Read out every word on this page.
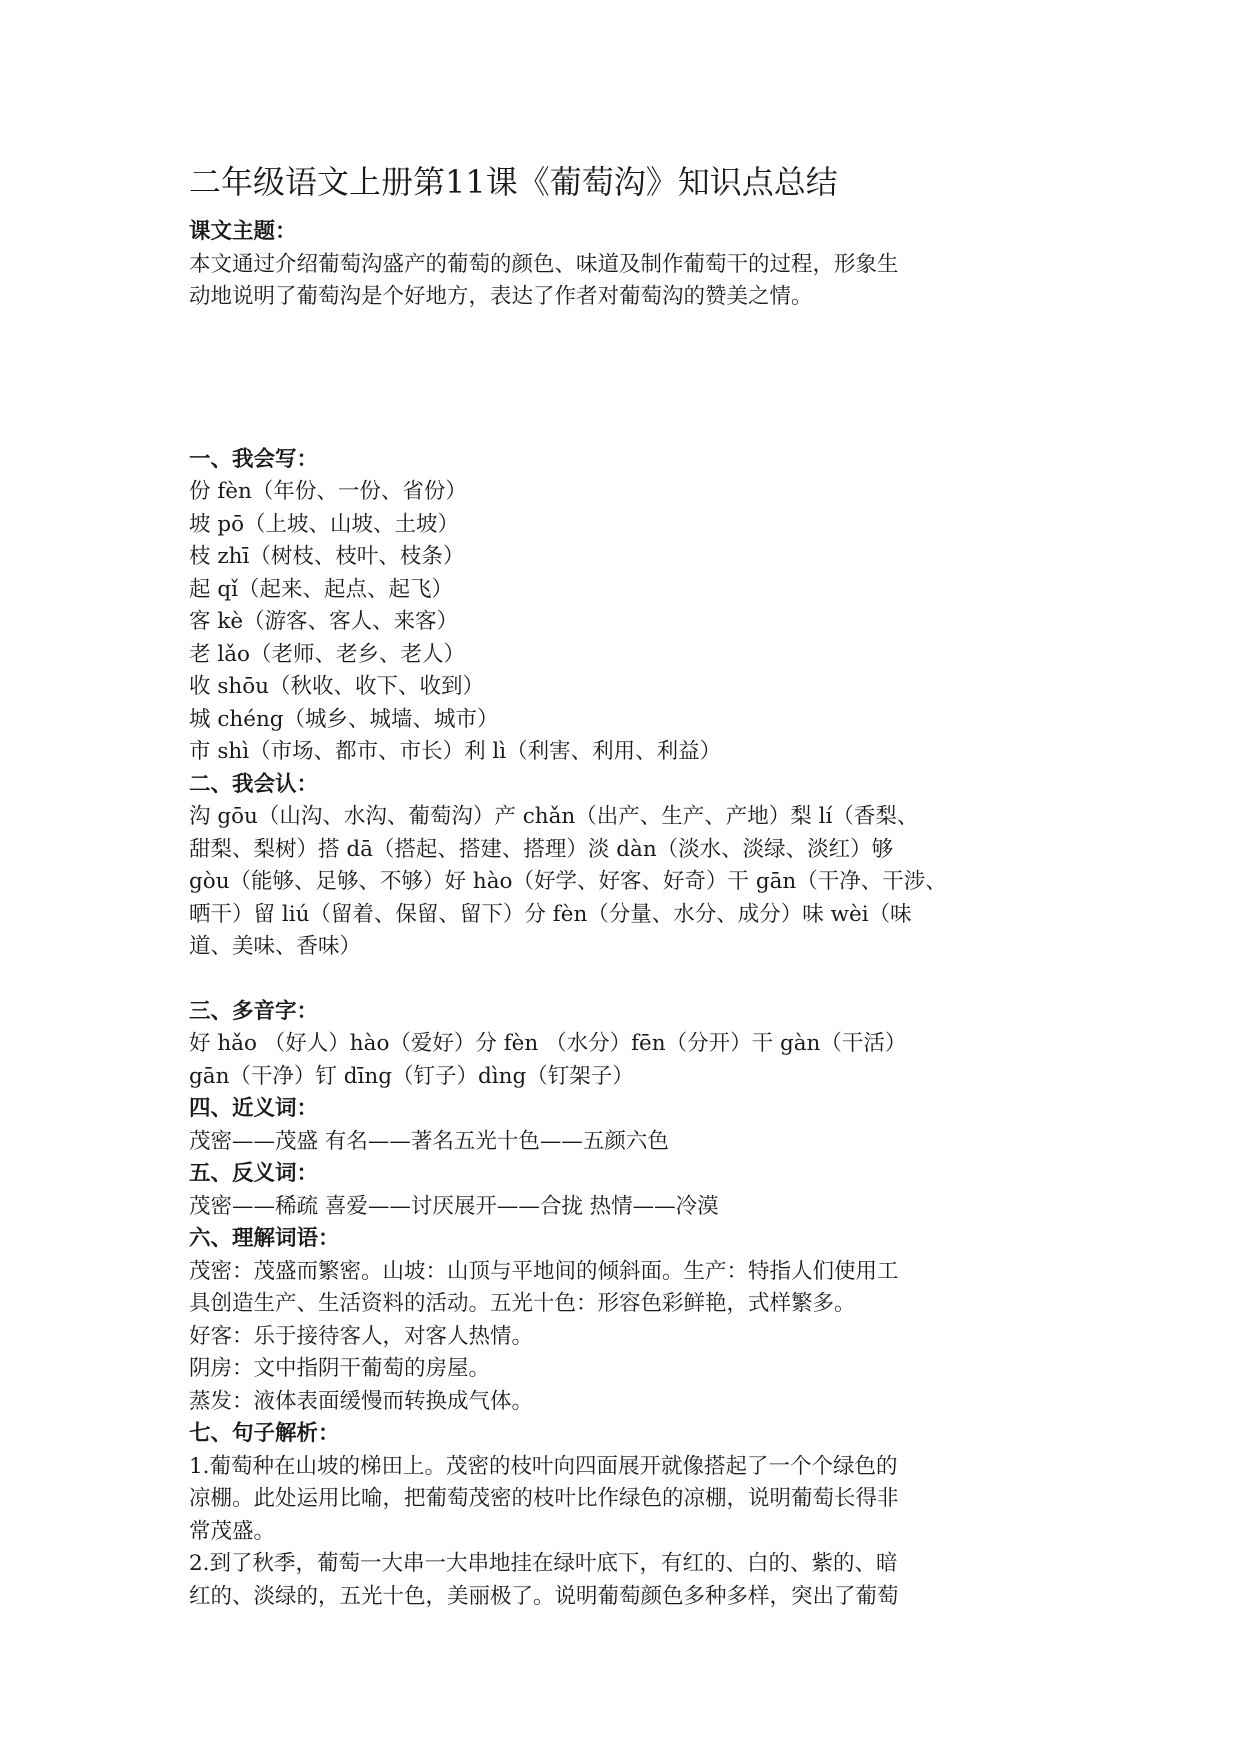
二年级语文上册第11课《葡萄沟》知识点总结

课文主题：

本文通过介绍葡萄沟盛产的葡萄的颜色、味道及制作葡萄干的过程，形象生

动地说明了葡萄沟是个好地方，表达了作者对葡萄沟的赞美之情。

一、我会写：

份 fèn（年份、一份、省份）

坡 pō（上坡、山坡、土坡）

枝 zhī（树枝、枝叶、枝条）

起 qǐ（起来、起点、起飞）

客 kè（游客、客人、来客）

老 lǎo（老师、老乡、老人）

收 shōu（秋收、收下、收到）

城 chéng（城乡、城墙、城市）

市 shì（市场、都市、市长）利 lì（利害、利用、利益）

二、我会认：

沟 gōu（山沟、水沟、葡萄沟）产 chǎn（出产、生产、产地）梨 lí（香梨、

甜梨、梨树）搭 dā（搭起、搭建、搭理）淡 dàn（淡水、淡绿、淡红）够

gòu（能够、足够、不够）好 hào（好学、好客、好奇）干 gān（干净、干涉、

晒干）留 liú（留着、保留、留下）分 fèn（分量、水分、成分）味 wèi（味

道、美味、香味）

三、多音字：

好 hǎo （好人）hào（爱好）分 fèn （水分）fēn（分开）干 gàn（干活）

gān（干净）钉 dīng（钉子）dìng（钉架子）

四、近义词：

茂密——茂盛 有名——著名五光十色——五颜六色

五、反义词：

茂密——稀疏 喜爱——讨厌展开——合拢 热情——冷漠

六、理解词语：

茂密：茂盛而繁密。山坡：山顶与平地间的倾斜面。生产：特指人们使用工

具创造生产、生活资料的活动。五光十色：形容色彩鲜艳，式样繁多。

好客：乐于接待客人，对客人热情。

阴房：文中指阴干葡萄的房屋。

蒸发：液体表面缓慢而转换成气体。

七、句子解析：

1.葡萄种在山坡的梯田上。茂密的枝叶向四面展开就像搭起了一个个绿色的

凉棚。此处运用比喻，把葡萄茂密的枝叶比作绿色的凉棚，说明葡萄长得非

常茂盛。

2.到了秋季，葡萄一大串一大串地挂在绿叶底下，有红的、白的、紫的、暗

红的、淡绿的，五光十色，美丽极了。说明葡萄颜色多种多样，突出了葡萄
